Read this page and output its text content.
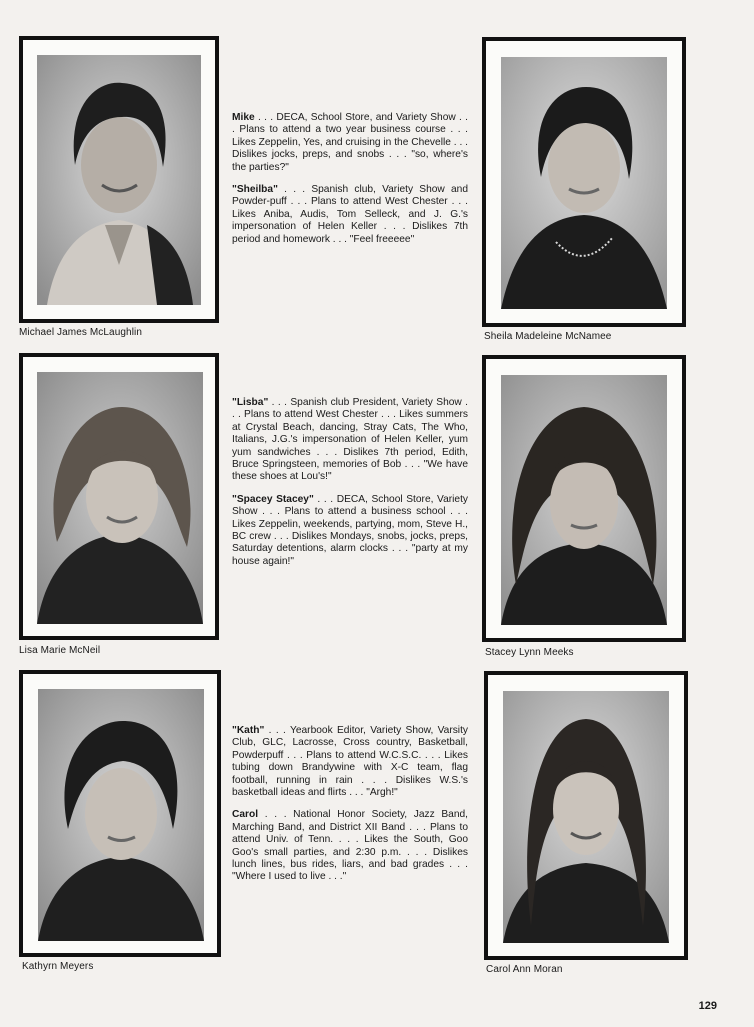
Michael James McLaughlin

Mike . . . DECA, School Store, and Variety Show . . . Plans to attend a two year business course . . . Likes Zeppelin, Yes, and cruising in the Chevelle . . . Dislikes jocks, preps, and snobs . . . "so, where's the parties?"

"Sheilba" . . . Spanish club, Variety Show and Powder-puff . . . Plans to attend West Chester . . . Likes Aniba, Audis, Tom Selleck, and J. G.'s impersonation of Helen Keller . . . Dislikes 7th period and homework . . . "Feel freeeee"

Sheila Madeleine McNamee
Lisa Marie McNeil

"Lisba" . . . Spanish club President, Variety Show . . . Plans to attend West Chester . . . Likes summers at Crystal Beach, dancing, Stray Cats, The Who, Italians, J.G.'s impersonation of Helen Keller, yum yum sandwiches . . . Dislikes 7th period, Edith, Bruce Springsteen, memories of Bob . . . "We have these shoes at Lou's!"

"Spacey Stacey" . . . DECA, School Store, Variety Show . . . Plans to attend a business school . . . Likes Zeppelin, weekends, partying, mom, Steve H., BC crew . . . Dislikes Mondays, snobs, jocks, preps, Saturday detentions, alarm clocks . . . "party at my house again!"

Stacey Lynn Meeks
Kathyrn Meyers

"Kath" . . . Yearbook Editor, Variety Show, Varsity Club, GLC, Lacrosse, Cross country, Basketball, Powderpuff . . . Plans to attend W.C.S.C. . . . Likes tubing down Brandywine with X-C team, flag football, running in rain . . . Dislikes W.S.'s basketball ideas and flirts . . . "Argh!"

Carol . . . National Honor Society, Jazz Band, Marching Band, and District XII Band . . . Plans to attend Univ. of Tenn. . . . Likes the South, Goo Goo's small parties, and 2:30 p.m. . . . Dislikes lunch lines, bus rides, liars, and bad grades . . . "Where I used to live . . ."

Carol Ann Moran
129
